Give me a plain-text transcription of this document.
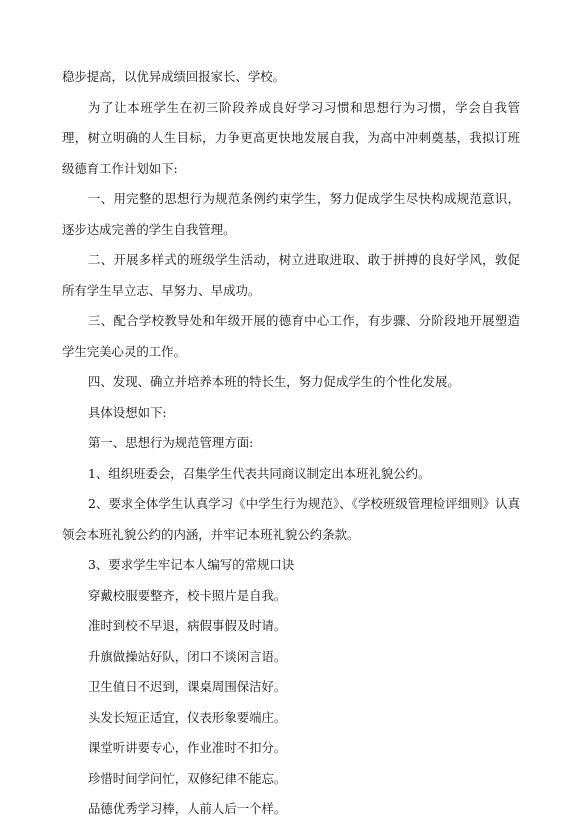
稳步提高，以优异成绩回报家长、学校。

为了让本班学生在初三阶段养成良好学习习惯和思想行为习惯，学会自我管理，树立明确的人生目标，力争更高更快地发展自我，为高中冲刺奠基，我拟订班级德育工作计划如下:

一、用完整的思想行为规范条例约束学生，努力促成学生尽快构成规范意识，逐步达成完善的学生自我管理。

二、开展多样式的班级学生活动，树立进取进取、敢于拼搏的良好学风，敦促所有学生早立志、早努力、早成功。

三、配合学校教导处和年级开展的德育中心工作，有步骤、分阶段地开展塑造学生完美心灵的工作。

四、发现、确立并培养本班的特长生，努力促成学生的个性化发展。

具体设想如下:

第一、思想行为规范管理方面:

1、组织班委会，召集学生代表共同商议制定出本班礼貌公约。

2、要求全体学生认真学习《中学生行为规范》、《学校班级管理检评细则》认真领会本班礼貌公约的内涵，并牢记本班礼貌公约条款。

3、要求学生牢记本人编写的常规口诀

穿戴校服要整齐，校卡照片是自我。

准时到校不早退，病假事假及时请。

升旗做操站好队，闭口不谈闲言语。

卫生值日不迟到，课桌周围保洁好。

头发长短正适宜，仪表形象要端庄。

课堂听讲要专心，作业准时不扣分。

珍惜时间学问忙，双修纪律不能忘。

品德优秀学习棒，人前人后一个样。
